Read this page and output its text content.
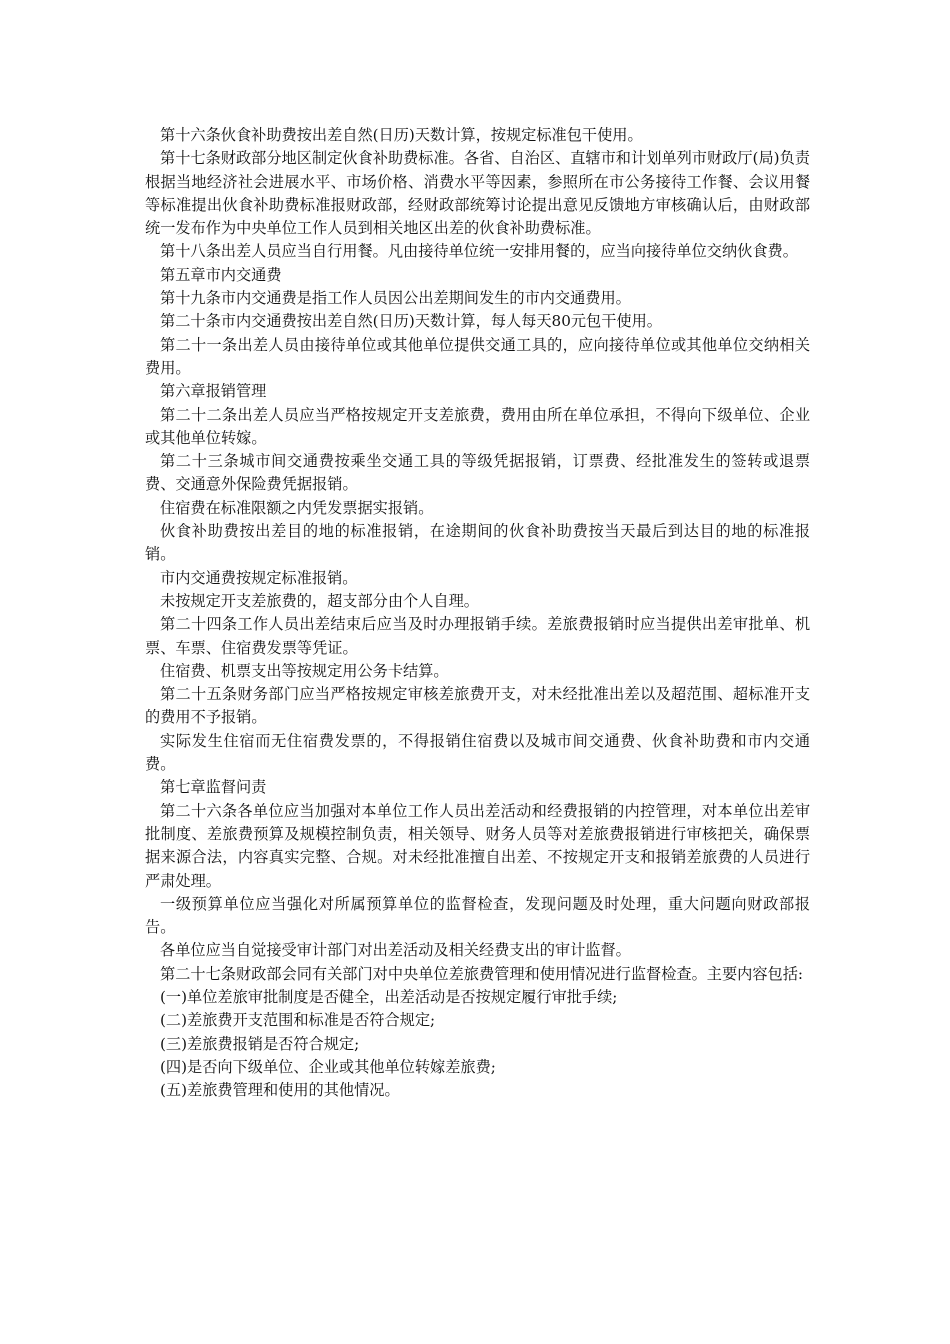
第十六条伙食补助费按出差自然(日历)天数计算，按规定标准包干使用。

第十七条财政部分地区制定伙食补助费标准。各省、自治区、直辖市和计划单列市财政厅(局)负责根据当地经济社会进展水平、市场价格、消费水平等因素，参照所在市公务接待工作餐、会议用餐等标准提出伙食补助费标准报财政部，经财政部统筹讨论提出意见反馈地方审核确认后，由财政部统一发布作为中央单位工作人员到相关地区出差的伙食补助费标准。

第十八条出差人员应当自行用餐。凡由接待单位统一安排用餐的，应当向接待单位交纳伙食费。

第五章市内交通费

第十九条市内交通费是指工作人员因公出差期间发生的市内交通费用。

第二十条市内交通费按出差自然(日历)天数计算，每人每天80元包干使用。

第二十一条出差人员由接待单位或其他单位提供交通工具的，应向接待单位或其他单位交纳相关费用。

第六章报销管理

第二十二条出差人员应当严格按规定开支差旅费，费用由所在单位承担，不得向下级单位、企业或其他单位转嫁。

第二十三条城市间交通费按乘坐交通工具的等级凭据报销，订票费、经批准发生的签转或退票费、交通意外保险费凭据报销。

住宿费在标准限额之内凭发票据实报销。

伙食补助费按出差目的地的标准报销，在途期间的伙食补助费按当天最后到达目的地的标准报销。

市内交通费按规定标准报销。

未按规定开支差旅费的，超支部分由个人自理。

第二十四条工作人员出差结束后应当及时办理报销手续。差旅费报销时应当提供出差审批单、机票、车票、住宿费发票等凭证。

住宿费、机票支出等按规定用公务卡结算。

第二十五条财务部门应当严格按规定审核差旅费开支，对未经批准出差以及超范围、超标准开支的费用不予报销。

实际发生住宿而无住宿费发票的，不得报销住宿费以及城市间交通费、伙食补助费和市内交通费。

第七章监督问责

第二十六条各单位应当加强对本单位工作人员出差活动和经费报销的内控管理，对本单位出差审批制度、差旅费预算及规模控制负责，相关领导、财务人员等对差旅费报销进行审核把关，确保票据来源合法，内容真实完整、合规。对未经批准擅自出差、不按规定开支和报销差旅费的人员进行严肃处理。

一级预算单位应当强化对所属预算单位的监督检查，发现问题及时处理，重大问题向财政部报告。

各单位应当自觉接受审计部门对出差活动及相关经费支出的审计监督。

第二十七条财政部会同有关部门对中央单位差旅费管理和使用情况进行监督检查。主要内容包括:

(一)单位差旅审批制度是否健全，出差活动是否按规定履行审批手续;

(二)差旅费开支范围和标准是否符合规定;

(三)差旅费报销是否符合规定;

(四)是否向下级单位、企业或其他单位转嫁差旅费;

(五)差旅费管理和使用的其他情况。
